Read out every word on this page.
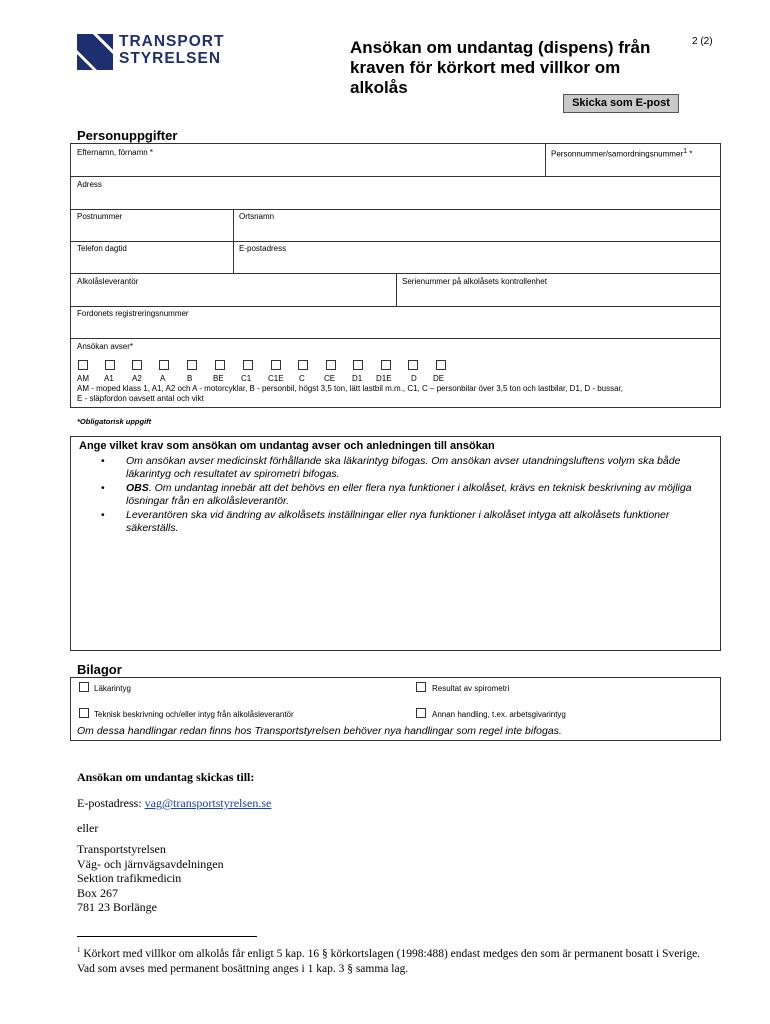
TRANSPORT
STYRELSEN
Ansökan om undantag (dispens) från kraven för körkort med villkor om alkolås
2 (2)
Skicka som E-post
Personuppgifter
Efternamn, förnamn *	Personnummer/samordningsnummer1 *
Adress
Postnummer	Ortsnamn
Telefon dagtid	E-postadress
Alkolåsleverantör	Serienummer på alkolåsets kontrollenhet
Fordonets registreringsnummer
Ansökan avser*
AM A1 A2 A	B	BE C1 C1E C CE D1 D1E D DE
AM - moped klass 1, A1, A2 och A - motorcyklar, B - personbil, högst 3,5 ton, lätt lastbil m.m., C1, C – personbilar över 3,5 ton och lastbilar, D1, D - bussar,
E - släpfordon oavsett antal och vikt
*Obligatorisk uppgift
Ange vilket krav som ansökan om undantag avser och anledningen till ansökan
• Om ansökan avser medicinskt förhållande ska läkarintyg bifogas. Om ansökan avser utandningsluftens volym ska både läkarintyg och resultatet av spirometri bifogas.
• OBS. Om undantag innebär att det behövs en eller flera nya funktioner i alkolåset, krävs en teknisk beskrivning av möjliga lösningar från en alkolåsleverantör.
• Leverantören ska vid ändring av alkolåsets inställningar eller nya funktioner i alkolåset intyga att alkolåsets funktioner säkerställs.
Bilagor
Läkarintyg	Resultat av spirometri
Teknisk beskrivning och/eller intyg från alkolåsleverantör	Annan handling, t.ex. arbetsgivarintyg
Om dessa handlingar redan finns hos Transportstyrelsen behöver nya handlingar som regel inte bifogas.
Ansökan om undantag skickas till:
E-postadress: vag@transportstyrelsen.se
eller
Transportstyrelsen
Väg- och järnvägsavdelningen
Sektion trafikmedicin
Box 267
781 23 Borlänge
$^1$ Körkort med villkor om alkolås får enligt 5 kap. 16 § körkortslagen (1998:488) endast medges den som är permanent bosatt i Sverige. Vad som avses med permanent bosättning anges i 1 kap. 3 § samma lag.
